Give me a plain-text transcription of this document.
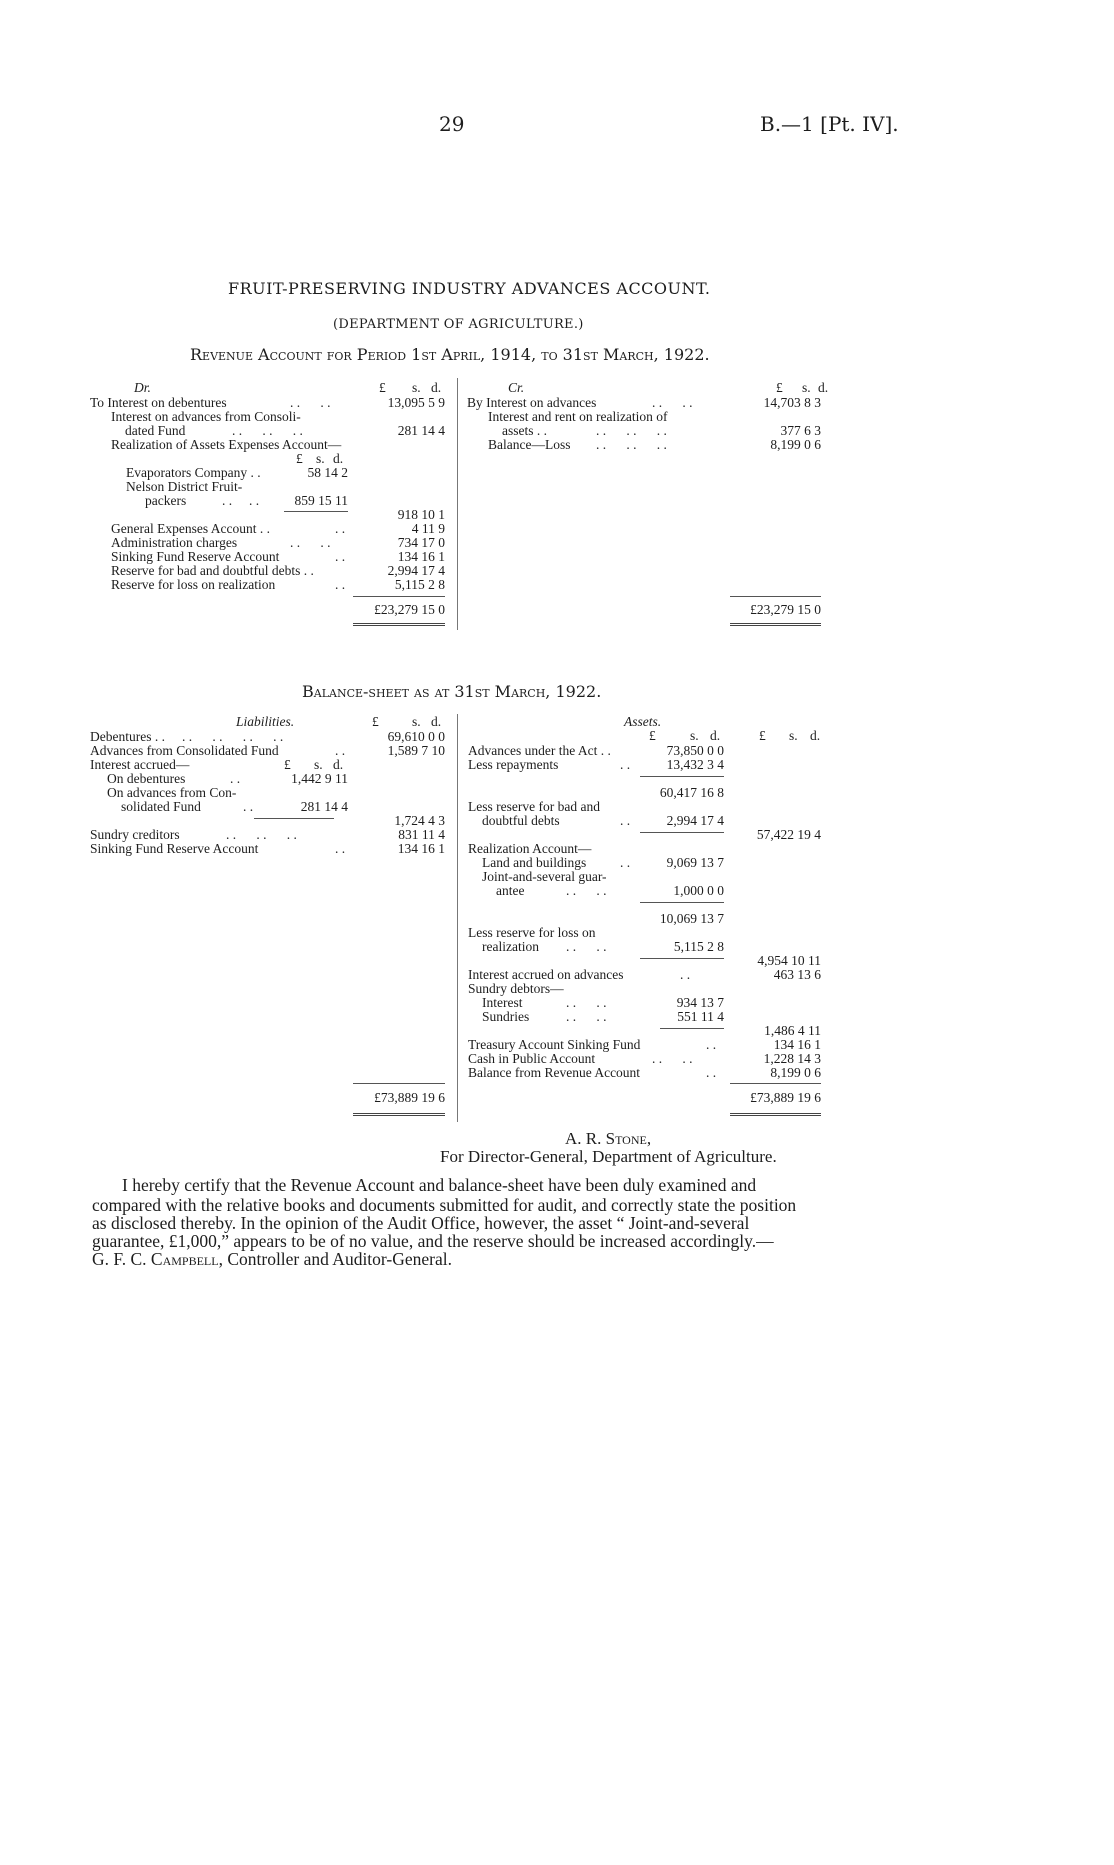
29	B.—1 [Pt. IV].
FRUIT-PRESERVING INDUSTRY ADVANCES ACCOUNT.
(DEPARTMENT OF AGRICULTURE.)
Revenue Account for Period 1st April, 1914, to 31st March, 1922.
Dr.	£ s. d.
To Interest on debentures	. .      . .	13,095 5 9
Interest on advances from Consoli-
dated Fund	. .      . .      . .	281 14 4
Realization of Assets Expenses Account—
£ s. d.
Evaporators Company . .	58 14 2
Nelson District Fruit-
packers	. .     . .	859 15 11
918 10 1
General Expenses Account . .	. .	4 11 9
Administration charges	. .      . .	734 17 0
Sinking Fund Reserve Account	. .	134 16 1
Reserve for bad and doubtful debts . .	2,994 17 4
Reserve for loss on realization	. .	5,115 2 8
£23,279 15 0
Cr.	£ s. d.
By Interest on advances	. .      . .	14,703 8 3
Interest and rent on realization of
assets . .	. .      . .      . .	377 6 3
Balance—Loss . .      . .      . .	8,199 0 6
£23,279 15 0
Balance-sheet as at 31st March, 1922.
Liabilities.	£ s. d.
Debentures . . . .      . .      . .      . .	69,610 0 0
Advances from Consolidated Fund	. .	1,589 7 10
Interest accrued—	£ s. d.
On debentures	. .	1,442 9 11
On advances from Con-
solidated Fund	. .	281 14 4
1,724 4 3
Sundry creditors	. .      . .      . .	831 11 4
Sinking Fund Reserve Account	. .	134 16 1
£73,889 19 6
Assets.
£	s. d.	£ s. d.
Advances under the Act . .	73,850 0 0
Less repayments	. .	13,432 3 4
60,417 16 8
Less reserve for bad and
doubtful debts	. .	2,994 17 4
57,422 19 4
Realization Account—
Land and buildings	. .	9,069 13 7
Joint-and-several guar-
antee	. .      . .	1,000 0 0
10,069 13 7
Less reserve for loss on
realization . .      . .	5,115 2 8
4,954 10 11
Interest accrued on advances	. .	463 13 6
Sundry debtors—
Interest	. .      . .	934 13 7
Sundries	. .      . .	551 11 4
1,486 4 11
Treasury Account Sinking Fund	. .	134 16 1
Cash in Public Account	. .      . .	1,228 14 3
Balance from Revenue Account	. .	8,199 0 6
£73,889 19 6
A. R. Stone,
For Director-General, Department of Agriculture.
I hereby certify that the Revenue Account and balance-sheet have been duly examined and
compared with the relative books and documents submitted for audit, and correctly state the position
as disclosed thereby. In the opinion of the Audit Office, however, the asset “ Joint-and-several
guarantee, £1,000,” appears to be of no value, and the reserve should be increased accordingly.—
G. F. C. Campbell, Controller and Auditor-General.
